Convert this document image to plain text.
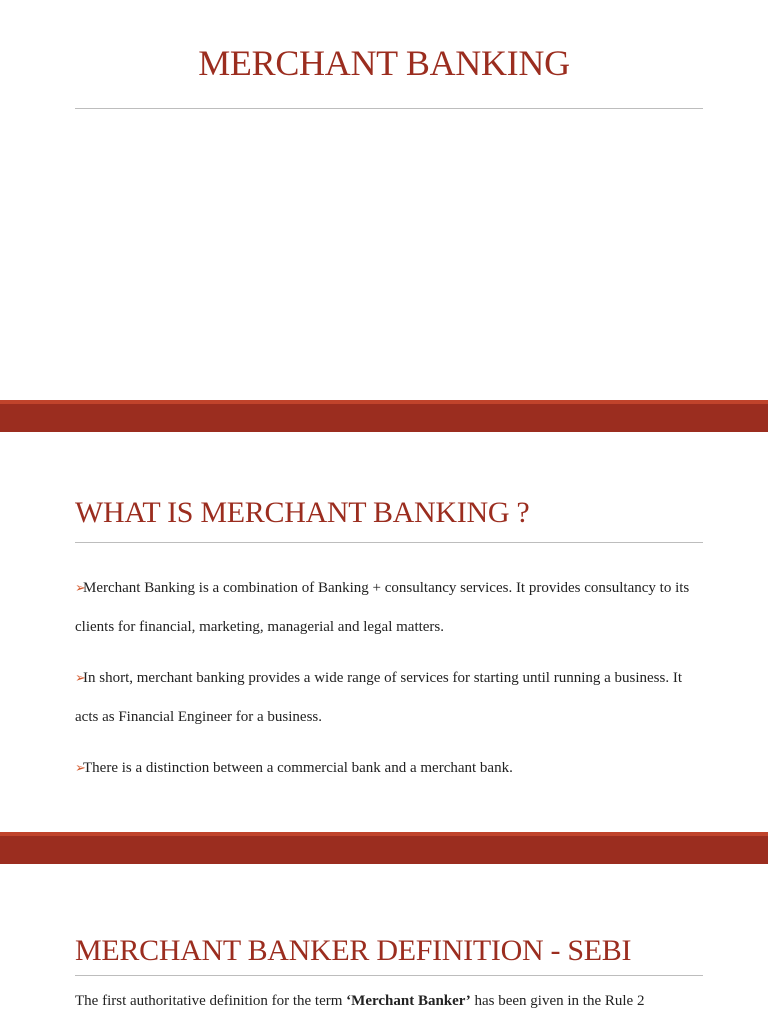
MERCHANT BANKING
WHAT IS MERCHANT BANKING ?
➢Merchant Banking is a combination of Banking + consultancy services. It provides consultancy to its clients for financial, marketing, managerial and legal matters.
➢In short, merchant banking provides a wide range of services for starting until running a business. It acts as Financial Engineer for a business.
➢There is a distinction between a commercial bank and a merchant bank.
MERCHANT BANKER DEFINITION - SEBI
The first authoritative definition for the term ‘Merchant Banker’ has been given in the Rule 2
